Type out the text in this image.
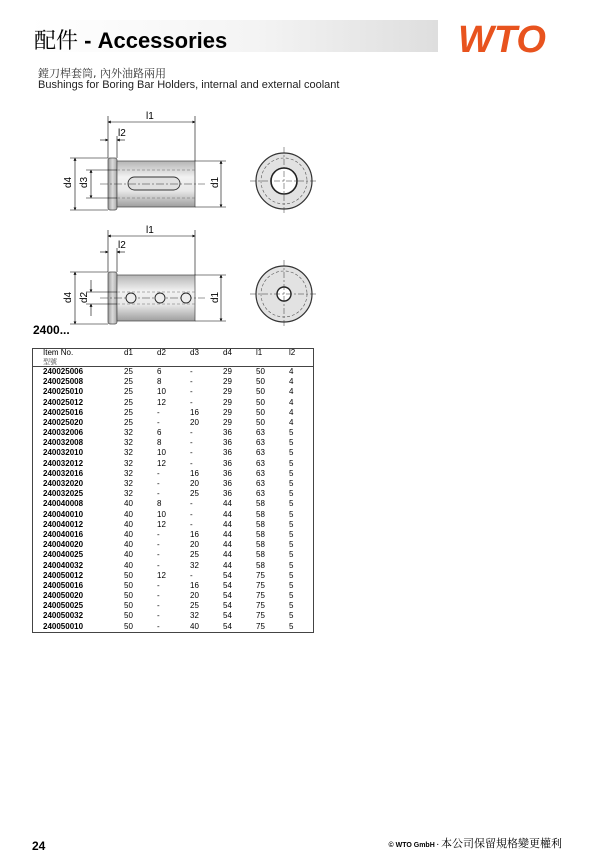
配件 - Accessories	WTO
鏜刀桿套筒, 內外油路兩用
Bushings for Boring Bar Holders, internal and external coolant
l1
l2
d4 d3	d1
l1
l2
d4 d2	d1
2400...
Item No.
型號	d1	d2	d3	d4	l1	l2
240025006	25	6	-	29	50	4
240025008	25	8	-	29	50	4
240025010	25	10	-	29	50	4
240025012	25	12	-	29	50	4
240025016	25	-	16	29	50	4
240025020	25	-	20	29	50	4
240032006	32	6	-	36	63	5
240032008	32	8	-	36	63	5
240032010	32	10	-	36	63	5
240032012	32	12	-	36	63	5
240032016	32	-	16	36	63	5
240032020	32	-	20	36	63	5
240032025	32	-	25	36	63	5
240040008	40	8	-	44	58	5
240040010	40	10	-	44	58	5
240040012	40	12	-	44	58	5
240040016	40	-	16	44	58	5
240040020	40	-	20	44	58	5
240040025	40	-	25	44	58	5
240040032	40	-	32	44	58	5
240050012	50	12	-	54	75	5
240050016	50	-	16	54	75	5
240050020	50	-	20	54	75	5
240050025	50	-	25	54	75	5
240050032	50	-	32	54	75	5
240050010	50	-	40	54	75	5
24	© WTO GmbH · 本公司保留規格變更權利
